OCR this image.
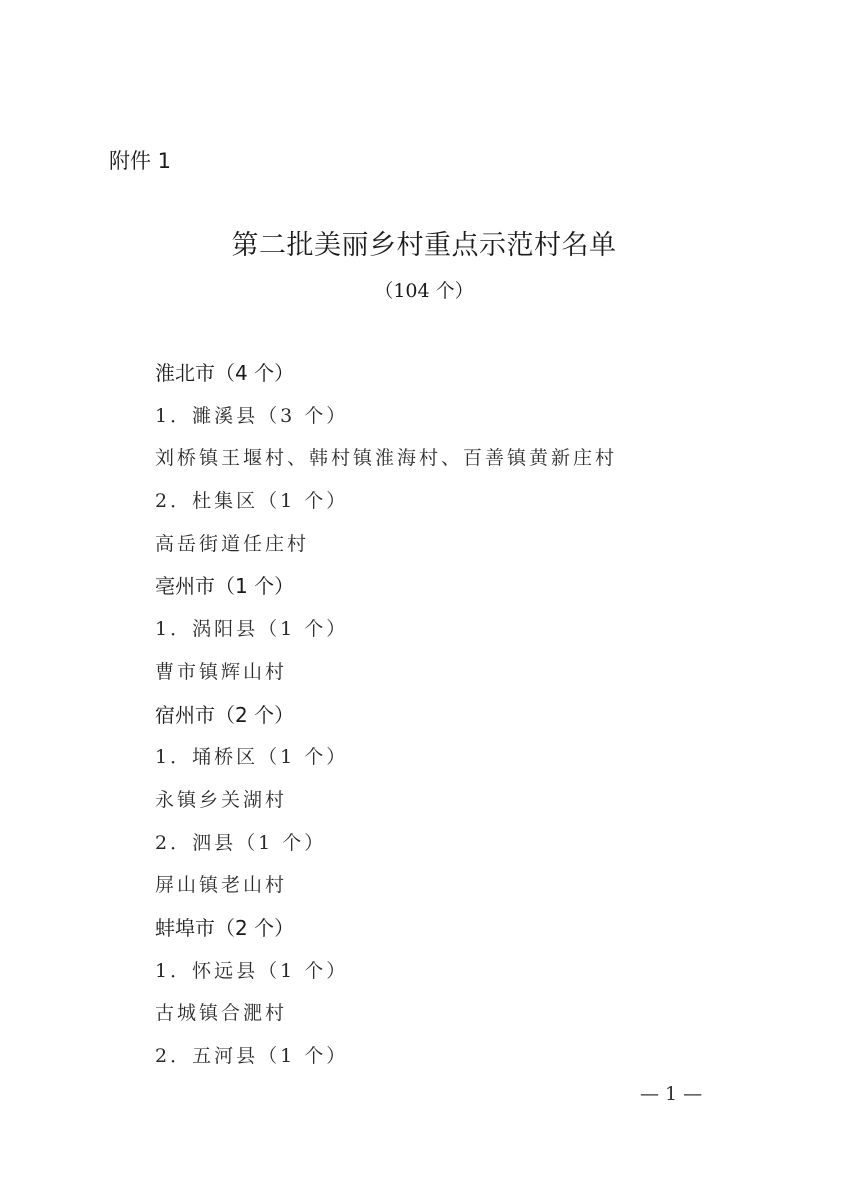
附件 1
第二批美丽乡村重点示范村名单
（104 个）
淮北市（4 个）
1．濉溪县（3 个）
刘桥镇王堰村、韩村镇淮海村、百善镇黄新庄村
2．杜集区（1 个）
高岳街道任庄村
亳州市（1 个）
1．涡阳县（1 个）
曹市镇辉山村
宿州市（2 个）
1．埇桥区（1 个）
永镇乡关湖村
2．泗县（1 个）
屏山镇老山村
蚌埠市（2 个）
1．怀远县（1 个）
古城镇合淝村
2．五河县（1 个）
— 1 —
